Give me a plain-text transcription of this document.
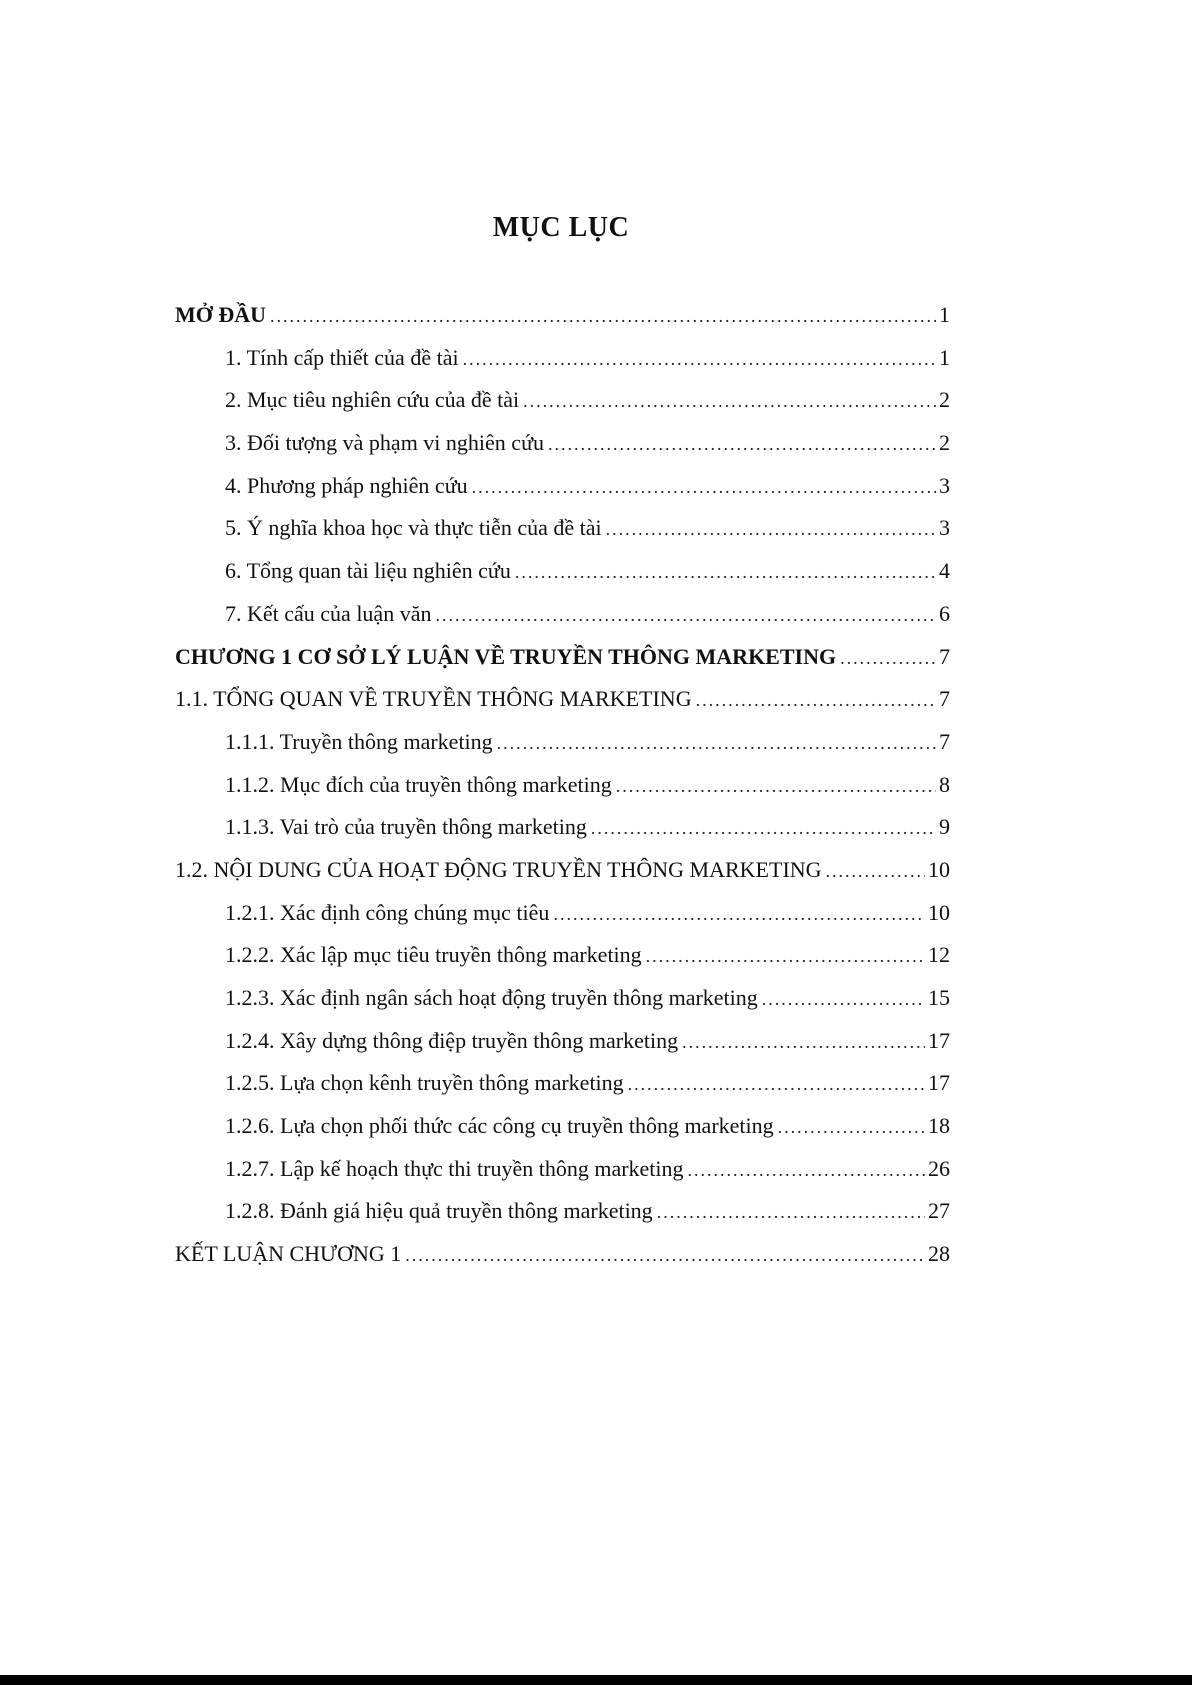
MỤC LỤC
MỞ ĐẦU .....	1
1. Tính cấp thiết của đề tài .....	1
2. Mục tiêu nghiên cứu của đề tài .....	2
3. Đối tượng và phạm vi nghiên cứu .....	2
4. Phương pháp nghiên cứu .....	3
5. Ý nghĩa khoa học và thực tiễn của đề tài .....	3
6. Tổng quan tài liệu nghiên cứu .....	4
7. Kết cấu của luận văn .....	6
CHƯƠNG 1 CƠ SỞ LÝ LUẬN VỀ TRUYỀN THÔNG MARKETING .....	7
1.1. TỔNG QUAN VỀ TRUYỀN THÔNG MARKETING .....	7
1.1.1. Truyền thông marketing .....	7
1.1.2. Mục đích của truyền thông marketing .....	8
1.1.3. Vai trò của truyền thông marketing .....	9
1.2. NỘI DUNG CỦA HOẠT ĐỘNG TRUYỀN THÔNG MARKETING .....	10
1.2.1. Xác định công chúng mục tiêu .....	10
1.2.2. Xác lập mục tiêu truyền thông marketing .....	12
1.2.3. Xác định ngân sách hoạt động truyền thông marketing .....	15
1.2.4. Xây dựng thông điệp truyền thông marketing .....	17
1.2.5. Lựa chọn kênh truyền thông marketing .....	17
1.2.6. Lựa chọn phối thức các công cụ truyền thông marketing .....	18
1.2.7. Lập kế hoạch thực thi truyền thông marketing .....	26
1.2.8. Đánh giá hiệu quả truyền thông marketing .....	27
KẾT LUẬN CHƯƠNG 1 .....	28
